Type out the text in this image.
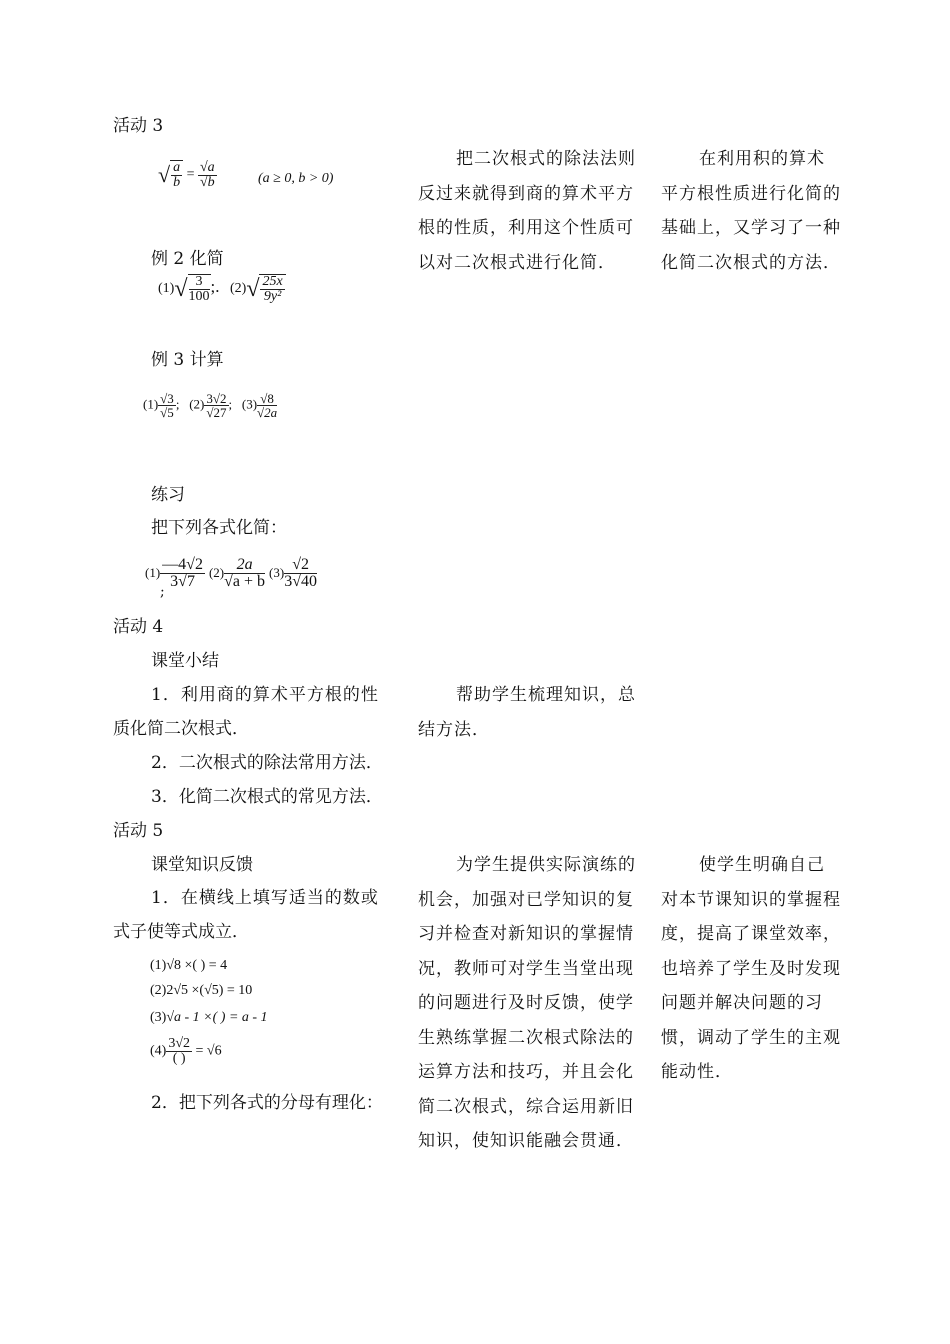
活动 3
√ $\frac{a}{b} = \frac{√a}{√b}$	(a ≥ 0, b > 0)
例 2 化简
$(1)√ \frac{3}{100}$ ;. $(2)√ \frac{25x}{\text{9y²}}$
例 3 计算
$(1) \frac{√3}{√5}$ ; $(2) \frac{3√2}{√27}$ ; $(3) \frac{√8}{√2a}$
练习
把下列各式化简：
$(1) \frac{—4√2}{3√7} (2) \frac{2a}{√a + b} (3) \frac{√2}{3√40}$
;
把二次根式的除法法则反过来就得到商的算术平方根的性质，利用这个性质可以对二次根式进行化简．
在利用积的算术平方根性质进行化简的基础上，又学习了一种化简二次根式的方法．
活动 4
课堂小结
1．利用商的算术平方根的性
质化简二次根式．
2．二次根式的除法常用方法．
3．化简二次根式的常见方法．
帮助学生梳理知识，总结方法．
活动 5
课堂知识反馈
1．在横线上填写适当的数或
式子使等式成立．
(1)√8 ×( ) = 4
(2)2√5 ×(√5) = 10
(3)√a - 1 ×( ) = a - 1
$(4) \frac{3√2}{( )} = √6$
2．把下列各式的分母有理化：
为学生提供实际演练的机会，加强对已学知识的复习并检查对新知识的掌握情况，教师可对学生当堂出现的问题进行及时反馈，使学生熟练掌握二次根式除法的运算方法和技巧，并且会化简二次根式，综合运用新旧知识，使知识能融会贯通．
使学生明确自己对本节课知识的掌握程度，提高了课堂效率，也培养了学生及时发现问题并解决问题的习惯，调动了学生的主观能动性．
